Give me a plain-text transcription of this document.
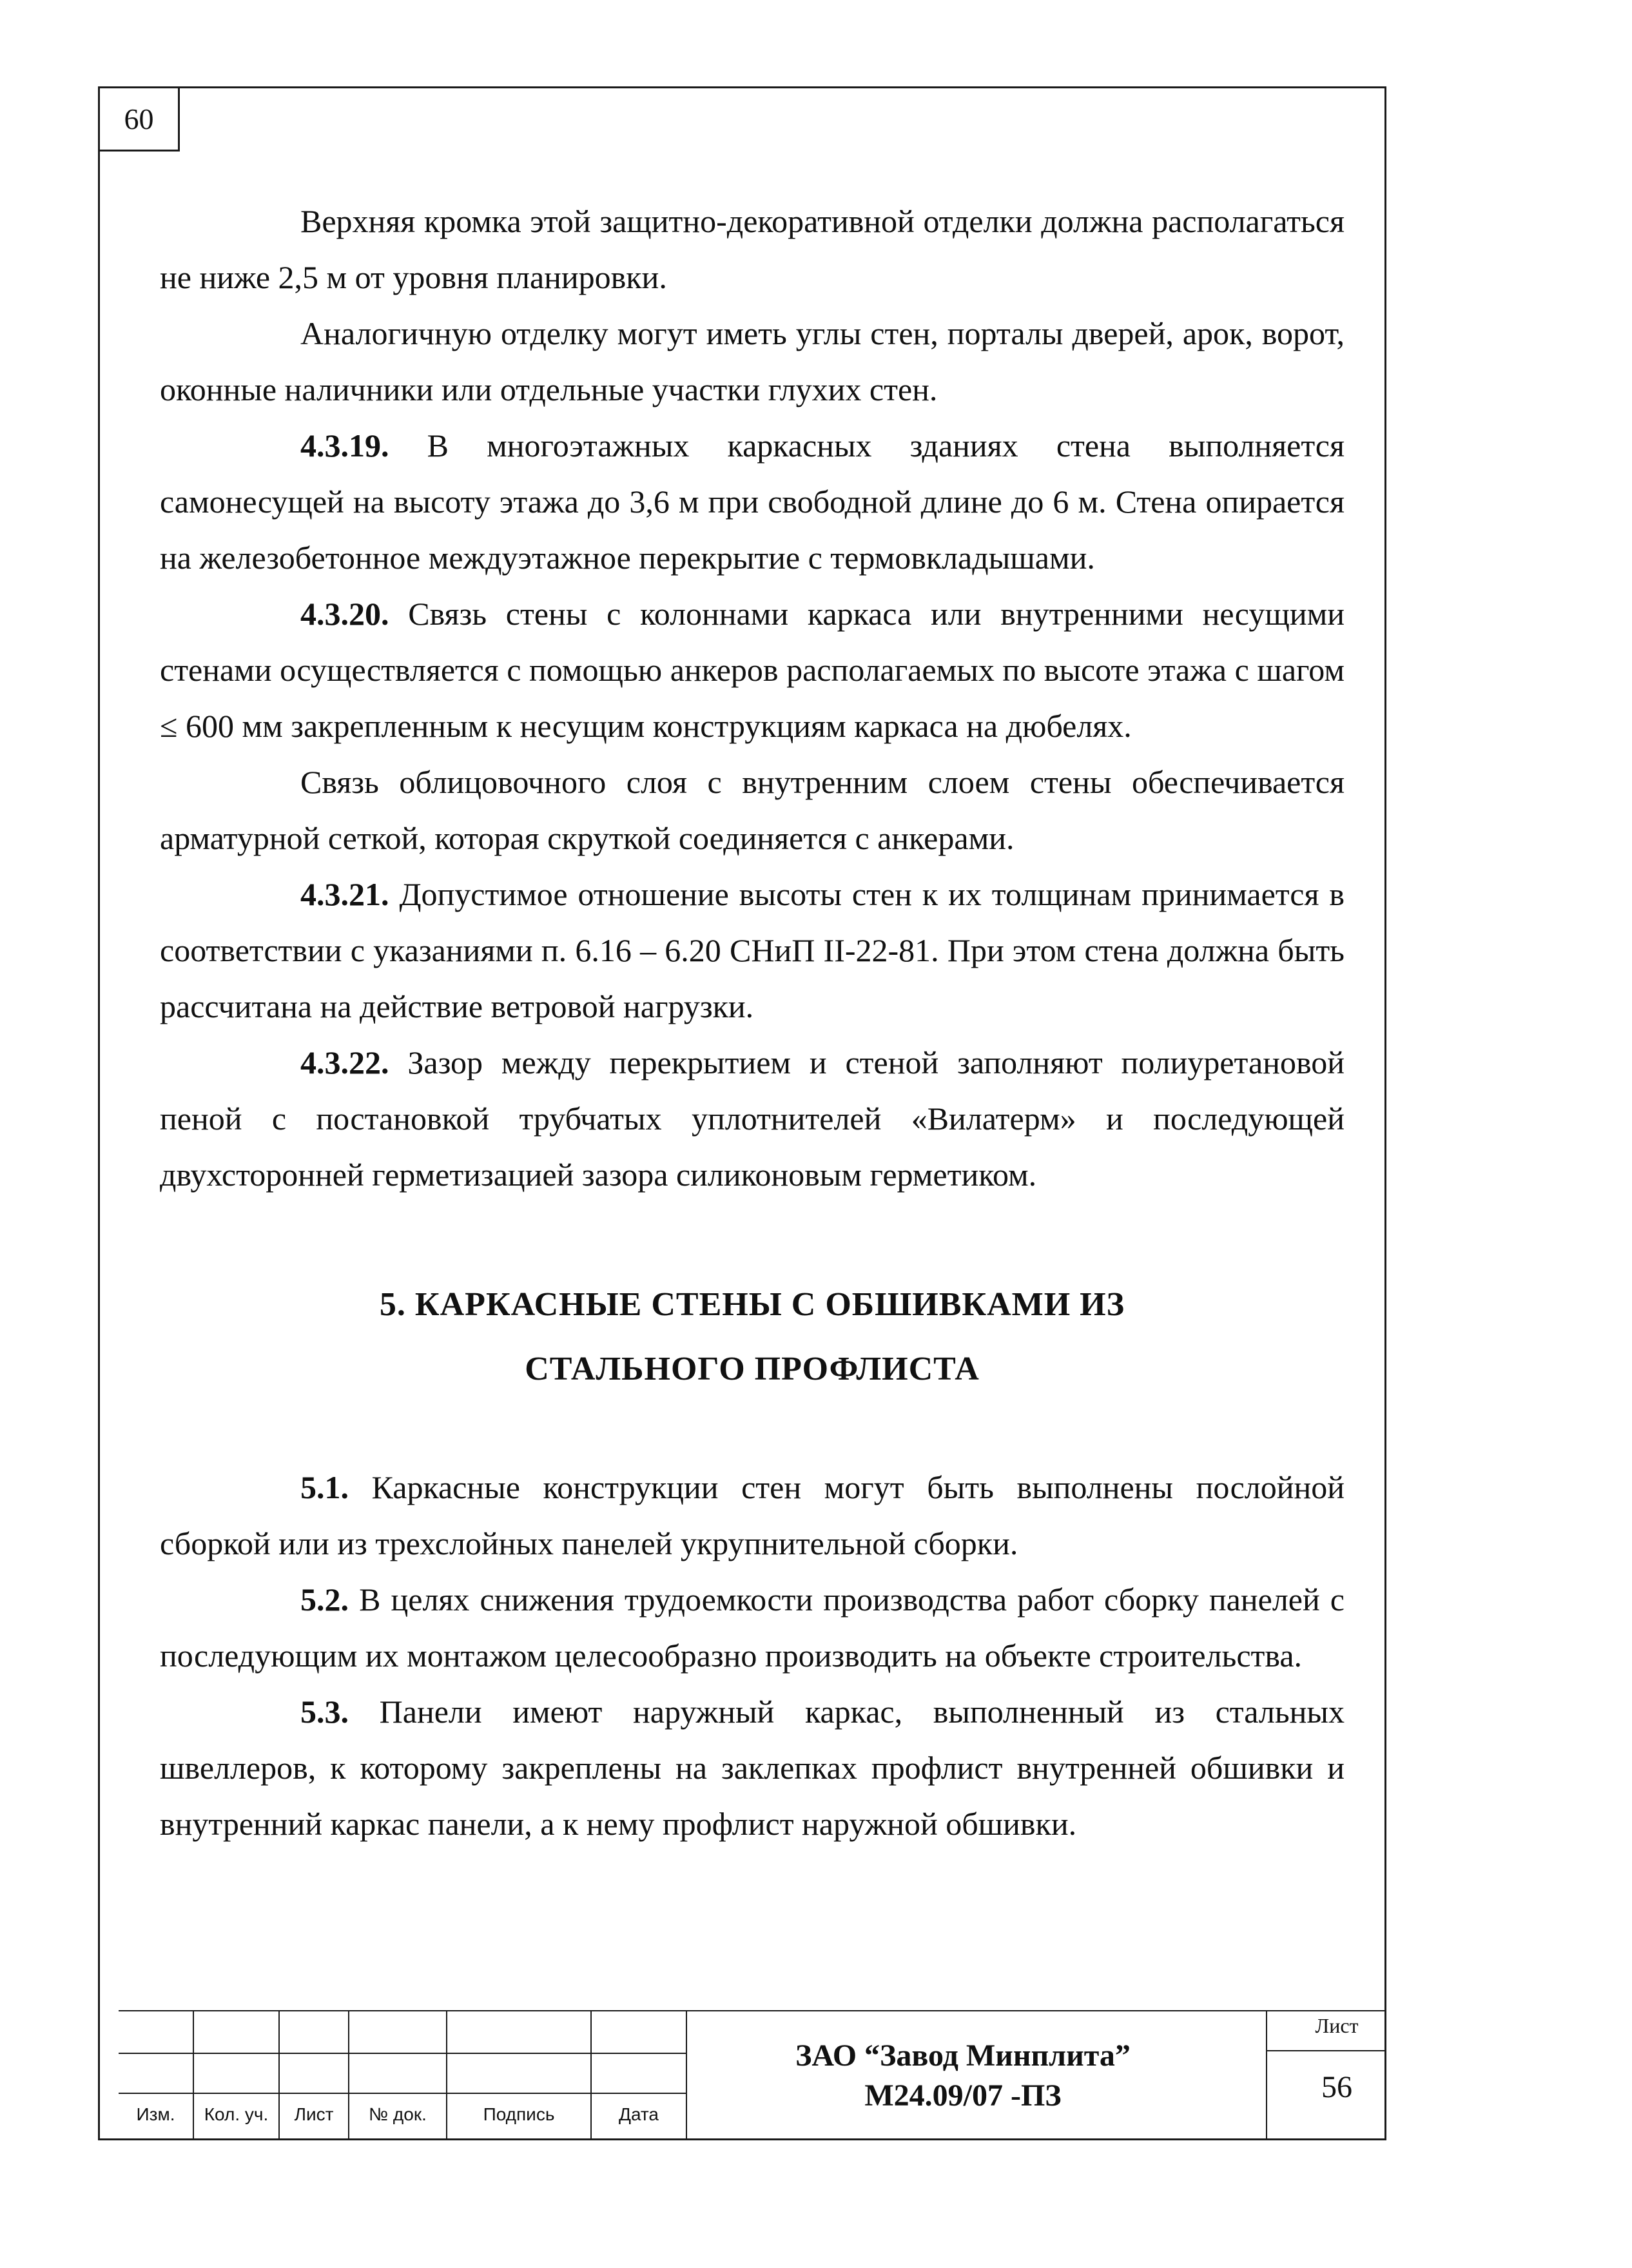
60

Верхняя кромка этой защитно-декоративной отделки должна располагаться не ниже 2,5 м от уровня планировки.

Аналогичную отделку могут иметь углы стен, порталы дверей, арок, ворот, оконные наличники или отдельные участки глухих стен.

4.3.19. В многоэтажных каркасных зданиях стена выполняется самонесущей на высоту этажа до 3,6 м при свободной длине до 6 м. Стена опирается на железобетонное междуэтажное перекрытие с термовкладышами.

4.3.20. Связь стены с колоннами каркаса или внутренними несущими стенами осуществляется с помощью анкеров располагаемых по высоте этажа с шагом ≤ 600 мм закрепленным к несущим конструкциям каркаса на дюбелях.

Связь облицовочного слоя с внутренним слоем стены обеспечивается арматурной сеткой, которая скруткой соединяется с анкерами.

4.3.21. Допустимое отношение высоты стен к их толщинам принимается в соответствии с указаниями п. 6.16 – 6.20 СНиП II-22-81. При этом стена должна быть рассчитана на действие ветровой нагрузки.

4.3.22. Зазор между перекрытием и стеной заполняют полиуретановой пеной с постановкой трубчатых уплотнителей «Вилатерм» и последующей двухсторонней герметизацией зазора силиконовым герметиком.

5. КАРКАСНЫЕ СТЕНЫ С ОБШИВКАМИ ИЗ
СТАЛЬНОГО ПРОФЛИСТА

5.1. Каркасные конструкции стен могут быть выполнены послойной сборкой или из трехслойных панелей укрупнительной сборки.

5.2. В целях снижения трудоемкости производства работ сборку панелей с последующим их монтажом целесообразно производить на объекте строительства.

5.3. Панели имеют наружный каркас, выполненный из стальных швеллеров, к которому закреплены на заклепках профлист внутренней обшивки и внутренний каркас панели, а к нему профлист наружной обшивки.

Изм.	Кол. уч.	Лист	№ док.	Подпись	Дата
ЗАО “Завод Минплита”
М24.09/07 -ПЗ
Лист
56
